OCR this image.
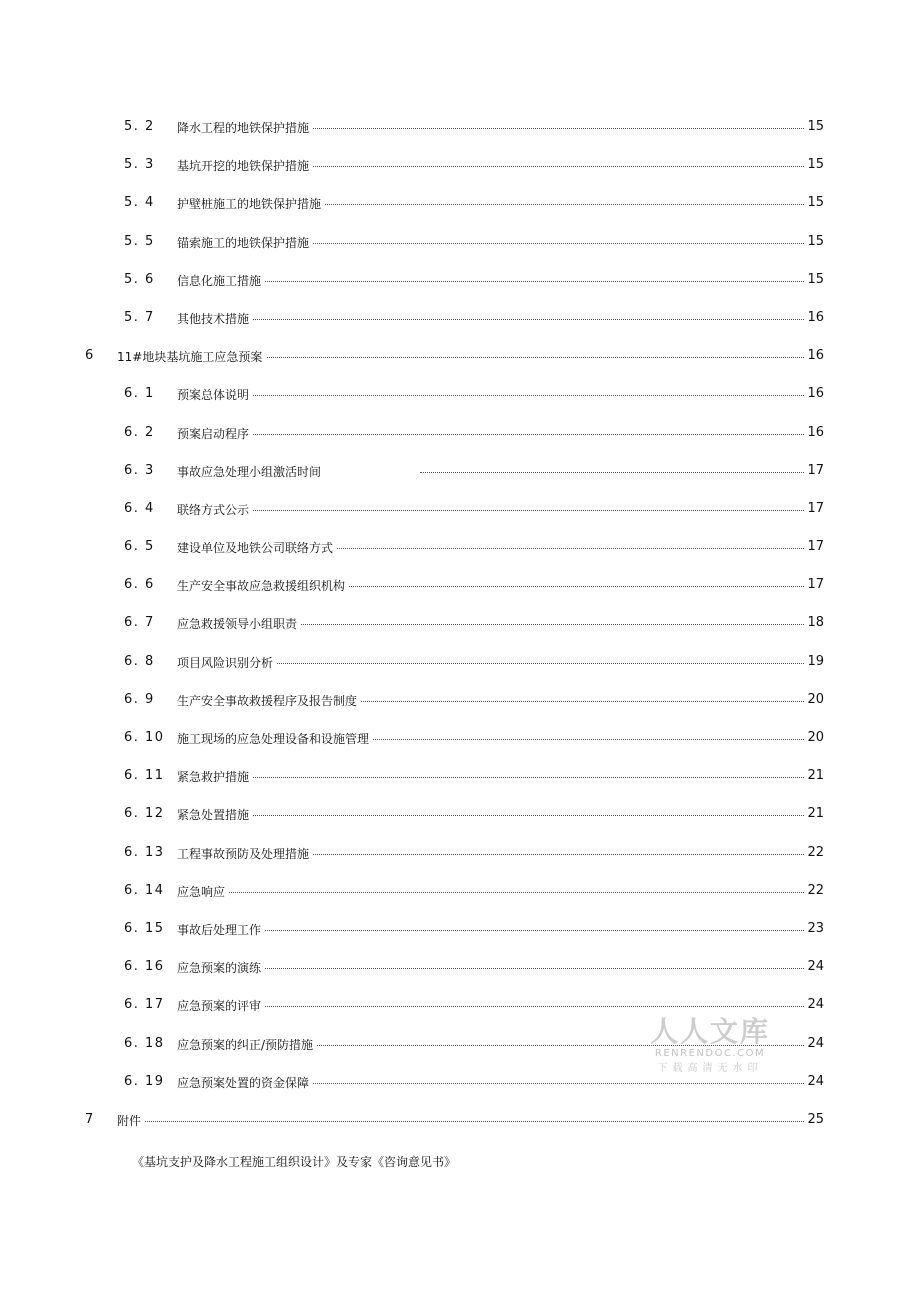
5. 2 降水工程的地铁保护措施	15
5. 3 基坑开挖的地铁保护措施	15
5. 4 护壁桩施工的地铁保护措施	15
5. 5 锚索施工的地铁保护措施	15
5. 6 信息化施工措施	15
5. 7 其他技术措施	16
6 11#地块基坑施工应急预案	16
6. 1 预案总体说明	16
6. 2 预案启动程序	16
6. 3 事故应急处理小组激活时间	17
6. 4 联络方式公示	17
6. 5 建设单位及地铁公司联络方式	17
6. 6 生产安全事故应急救援组织机构	17
6. 7 应急救援领导小组职责	18
6. 8 项目风险识别分析	19
6. 9 生产安全事故救援程序及报告制度	20
6. 10 施工现场的应急处理设备和设施管理	20
6. 11 紧急救护措施	21
6. 12 紧急处置措施	21
6. 13 工程事故预防及处理措施	22
6. 14 应急响应	22
6. 15 事故后处理工作	23
6. 16 应急预案的演练	24
6. 17 应急预案的评审	24
6. 18 应急预案的纠正/预防措施	24
6. 19 应急预案处置的资金保障	24
7 附件	25
《基坑支护及降水工程施工组织设计》及专家《咨询意见书》
人人文库
RENRENDOC.COM
下载高清无水印
